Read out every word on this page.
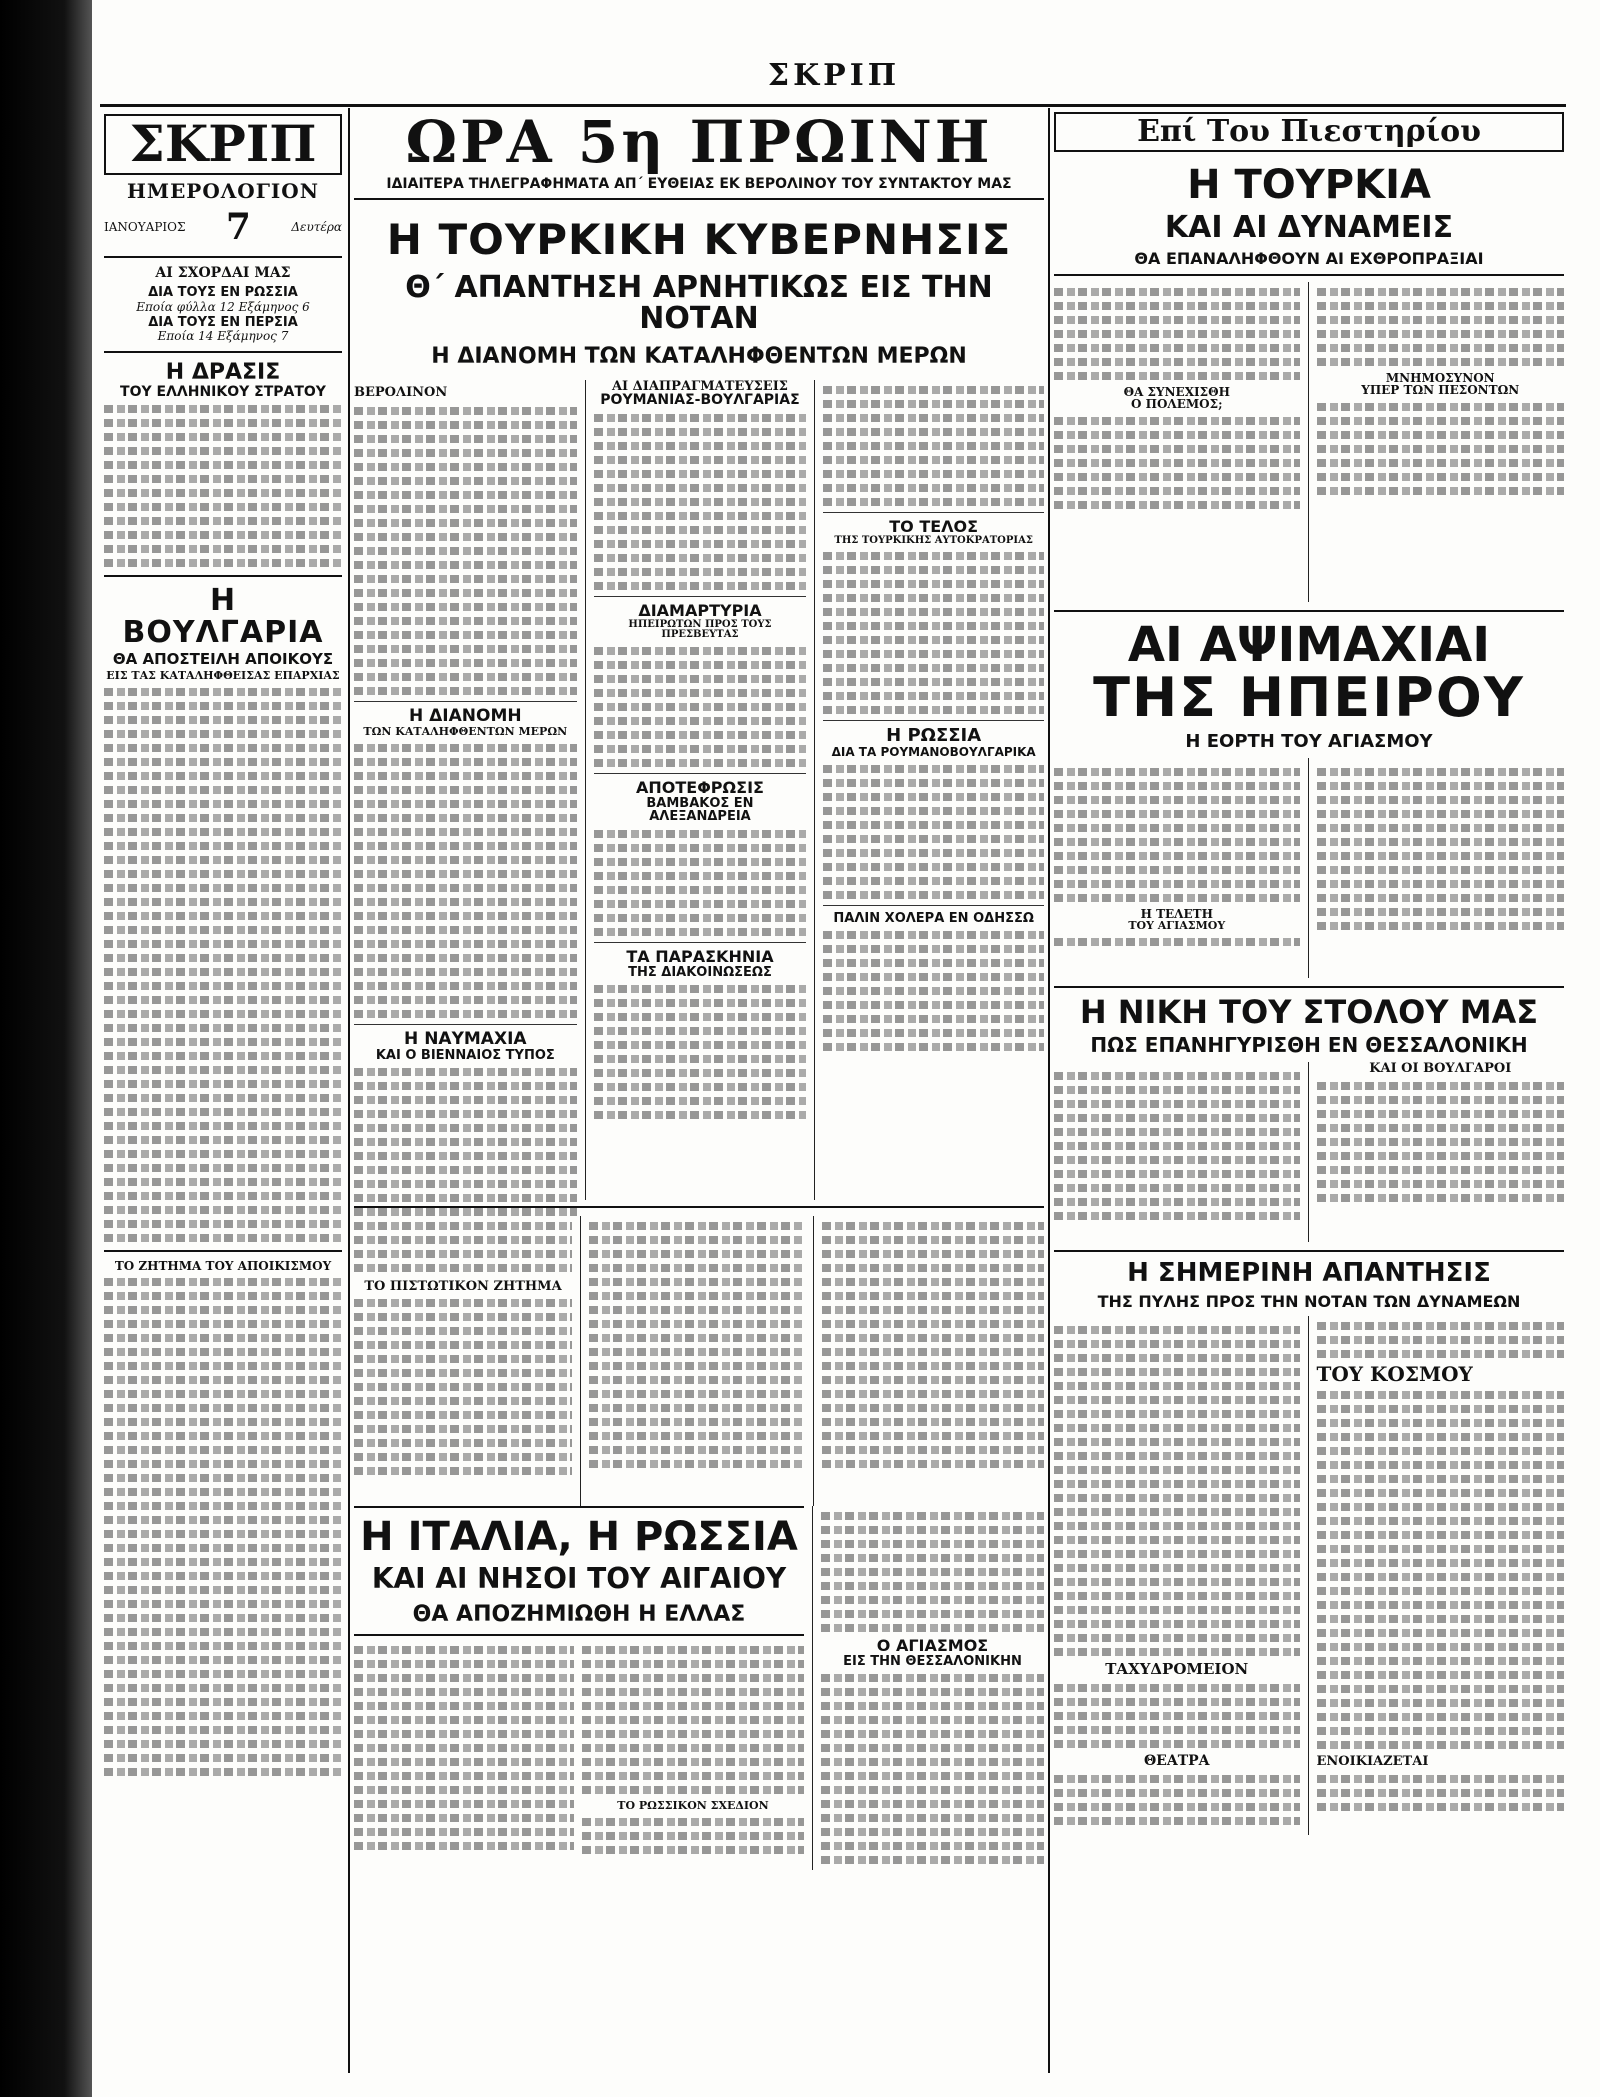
ΣΚΡΙΠ
ΣΚΡΙΠ
ΗΜΕΡΟΛΟΓΙΟΝ
ΙΑΝΟΥΑΡΙΟΣ 7	Δευτέρα
ΑΙ ΣΧΟΡΔΑΙ ΜΑΣ
ΔΙΑ ΤΟΥΣ ΕΝ ΡΩΣΣΙΑ
Εποία φύλλα 12 Εξάμηνος 6
ΔΙΑ ΤΟΥΣ ΕΝ ΠΕΡΣΙΑ
Εποία 14 Εξάμηνος 7
Η ΔΡΑΣΙΣ
ΤΟΥ ΕΛΛΗΝΙΚΟΥ ΣΤΡΑΤΟΥ
Η ΒΟΥΛΓΑΡΙΑ
ΘΑ ΑΠΟΣΤΕΙΛΗ ΑΠΟΙΚΟΥΣ
ΕΙΣ ΤΑΣ ΚΑΤΑΛΗΦΘΕΙΣΑΣ ΕΠΑΡΧΙΑΣ
ΤΟ ΖΗΤΗΜΑ ΤΟΥ ΑΠΟΙΚΙΣΜΟΥ
ΩΡΑ 5η ΠΡΩΙΝΗ
ΙΔΙΑΙΤΕΡΑ ΤΗΛΕΓΡΑΦΗΜΑΤΑ ΑΠ΄ ΕΥΘΕΙΑΣ ΕΚ ΒΕΡΟΛΙΝΟΥ ΤΟΥ ΣΥΝΤΑΚΤΟΥ ΜΑΣ
Η ΤΟΥΡΚΙΚΗ ΚΥΒΕΡΝΗΣΙΣ
Θ΄ ΑΠΑΝΤΗΣΗ ΑΡΝΗΤΙΚΩΣ ΕΙΣ ΤΗΝ ΝΟΤΑΝ
Η ΔΙΑΝΟΜΗ ΤΩΝ ΚΑΤΑΛΗΦΘΕΝΤΩΝ ΜΕΡΩΝ
ΒΕΡΟΛΙΝΟΝ
Η ΔΙΑΝΟΜΗ
ΤΩΝ ΚΑΤΑΛΗΦΘΕΝΤΩΝ ΜΕΡΩΝ
Η ΝΑΥΜΑΧΙΑ
ΚΑΙ Ο ΒΙΕΝΝΑΙΟΣ ΤΥΠΟΣ
ΑΙ ΔΙΑΠΡΑΓΜΑΤΕΥΣΕΙΣ
ΡΟΥΜΑΝΙΑΣ-ΒΟΥΛΓΑΡΙΑΣ
ΔΙΑΜΑΡΤΥΡΙΑ
ΗΠΕΙΡΩΤΩΝ ΠΡΟΣ ΤΟΥΣ ΠΡΕΣΒΕΥΤΑΣ
ΑΠΟΤΕΦΡΩΣΙΣ
ΒΑΜΒΑΚΟΣ ΕΝ ΑΛΕΞΑΝΔΡΕΙΑ
ΤΑ ΠΑΡΑΣΚΗΝΙΑ
ΤΗΣ ΔΙΑΚΟΙΝΩΣΕΩΣ
ΤΟ ΤΕΛΟΣ
ΤΗΣ ΤΟΥΡΚΙΚΗΣ ΑΥΤΟΚΡΑΤΟΡΙΑΣ
Η ΡΩΣΣΙΑ
ΔΙΑ ΤΑ ΡΟΥΜΑΝΟΒΟΥΛΓΑΡΙΚΑ
ΠΑΛΙΝ ΧΟΛΕΡΑ ΕΝ ΟΔΗΣΣΩ
ΤΟ ΠΙΣΤΩΤΙΚΟΝ ΖΗΤΗΜΑ
Η ΙΤΑΛΙΑ, Η ΡΩΣΣΙΑ
ΚΑΙ ΑΙ ΝΗΣΟΙ ΤΟΥ ΑΙΓΑΙΟΥ
ΘΑ ΑΠΟΖΗΜΙΩΘΗ Η ΕΛΛΑΣ
ΤΟ ΡΩΣΣΙΚΟΝ ΣΧΕΔΙΟΝ
Ο ΑΓΙΑΣΜΟΣ
ΕΙΣ ΤΗΝ ΘΕΣΣΑΛΟΝΙΚΗΝ
Επί Του Πιεστηρίου
Η ΤΟΥΡΚΙΑ
ΚΑΙ ΑΙ ΔΥΝΑΜΕΙΣ
ΘΑ ΕΠΑΝΑΛΗΦΘΟΥΝ ΑΙ ΕΧΘΡΟΠΡΑΞΙΑΙ
ΘΑ ΣΥΝΕΧΙΣΘΗ
Ο ΠΟΛΕΜΟΣ;
ΜΝΗΜΟΣΥΝΟΝ
ΥΠΕΡ ΤΩΝ ΠΕΣΟΝΤΩΝ
ΑΙ ΑΨΙΜΑΧΙΑΙ
ΤΗΣ ΗΠΕΙΡΟΥ
Η ΕΟΡΤΗ ΤΟΥ ΑΓΙΑΣΜΟΥ
Η ΤΕΛΕΤΗ
ΤΟΥ ΑΓΙΑΣΜΟΥ
Η ΝΙΚΗ ΤΟΥ ΣΤΟΛΟΥ ΜΑΣ
ΠΩΣ ΕΠΑΝΗΓΥΡΙΣΘΗ ΕΝ ΘΕΣΣΑΛΟΝΙΚΗ
ΚΑΙ ΟΙ ΒΟΥΛΓΑΡΟΙ
Η ΣΗΜΕΡΙΝΗ ΑΠΑΝΤΗΣΙΣ
ΤΗΣ ΠΥΛΗΣ ΠΡΟΣ ΤΗΝ ΝΟΤΑΝ ΤΩΝ ΔΥΝΑΜΕΩΝ
ΤΑΧΥΔΡΟΜΕΙΟΝ
ΘΕΑΤΡΑ
ΤΟΥ ΚΟΣΜΟΥ
ΕΝΟΙΚΙΑΖΕΤΑΙ
